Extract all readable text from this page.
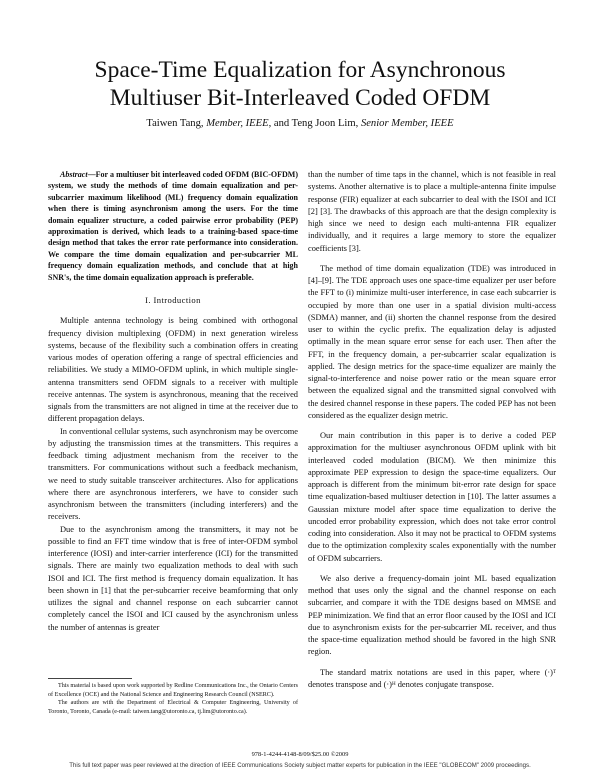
Space-Time Equalization for Asynchronous
Multiuser Bit-Interleaved Coded OFDM
Taiwen Tang, Member, IEEE, and Teng Joon Lim, Senior Member, IEEE

Abstract—For a multiuser bit interleaved coded OFDM (BIC-OFDM) system, we study the methods of time domain equalization and per-subcarrier maximum likelihood (ML) frequency domain equalization when there is timing asynchronism among the users. For the time domain equalizer structure, a coded pairwise error probability (PEP) approximation is derived, which leads to a training-based space-time design method that takes the error rate performance into consideration. We compare the time domain equalization and per-subcarrier ML frequency domain equalization methods, and conclude that at high SNR's, the time domain equalization approach is preferable.

I. Introduction

Multiple antenna technology is being combined with orthogonal frequency division multiplexing (OFDM) in next generation wireless systems, because of the flexibility such a combination offers in creating various modes of operation offering a range of spectral efficiencies and reliabilities. We study a MIMO-OFDM uplink, in which multiple single-antenna transmitters send OFDM signals to a receiver with multiple receive antennas. The system is asynchronous, meaning that the received signals from the transmitters are not aligned in time at the receiver due to different propagation delays.

In conventional cellular systems, such asynchronism may be overcome by adjusting the transmission times at the transmitters. This requires a feedback timing adjustment mechanism from the receiver to the transmitters. For communications without such a feedback mechanism, we need to study suitable transceiver architectures. Also for applications where there are asynchronous interferers, we have to consider such asynchronism between the transmitters (including interferers) and the receivers.

Due to the asynchronism among the transmitters, it may not be possible to find an FFT time window that is free of inter-OFDM symbol interference (IOSI) and inter-carrier interference (ICI) for the transmitted signals. There are mainly two equalization methods to deal with such ISOI and ICI. The first method is frequency domain equalization. It has been shown in [1] that the per-subcarrier receive beamforming that only utilizes the signal and channel response on each subcarrier cannot completely cancel the ISOI and ICI caused by the asynchronism unless the number of antennas is greater

This material is based upon work supported by Redline Communications Inc., the Ontario Centers of Excellence (OCE) and the National Science and Engineering Research Council (NSERC).

The authors are with the Department of Electrical & Computer Engineering, University of Toronto, Toronto, Canada (e-mail: taiwen.tang@utoronto.ca, tj.lim@utoronto.ca).

than the number of time taps in the channel, which is not feasible in real systems. Another alternative is to place a multiple-antenna finite impulse response (FIR) equalizer at each subcarrier to deal with the ISOI and ICI [2] [3]. The drawbacks of this approach are that the design complexity is high since we need to design each multi-antenna FIR equalizer individually, and it requires a large memory to store the equalizer coefficients [3].

The method of time domain equalization (TDE) was introduced in [4]–[9]. The TDE approach uses one space-time equalizer per user before the FFT to (i) minimize multi-user interference, in case each subcarrier is occupied by more than one user in a spatial division multi-access (SDMA) manner, and (ii) shorten the channel response from the desired user to within the cyclic prefix. The equalization delay is adjusted optimally in the mean square error sense for each user. Then after the FFT, in the frequency domain, a per-subcarrier scalar equalization is applied. The design metrics for the space-time equalizer are mainly the signal-to-interference and noise power ratio or the mean square error between the equalized signal and the transmitted signal convolved with the desired channel response in these papers. The coded PEP has not been considered as the equalizer design metric.

Our main contribution in this paper is to derive a coded PEP approximation for the multiuser asynchronous OFDM uplink with bit interleaved coded modulation (BICM). We then minimize this approximate PEP expression to design the space-time equalizers. Our approach is different from the minimum bit-error rate design for space time equalization-based multiuser detection in [10]. The latter assumes a Gaussian mixture model after space time equalization to derive the uncoded error probability expression, which does not take error control coding into consideration. Also it may not be practical to OFDM systems due to the optimization complexity scales exponentially with the number of OFDM subcarriers.

We also derive a frequency-domain joint ML based equalization method that uses only the signal and the channel response on each subcarrier, and compare it with the TDE designs based on MMSE and PEP minimization. We find that an error floor caused by the IOSI and ICI due to asynchronism exists for the per-subcarrier ML receiver, and thus the space-time equalization method should be favored in the high SNR region.

The standard matrix notations are used in this paper, where (·)ᵀ denotes transpose and (·)ᴴ denotes conjugate transpose.

978-1-4244-4148-8/09/$25.00 ©2009
This full text paper was peer reviewed at the direction of IEEE Communications Society subject matter experts for publication in the IEEE "GLOBECOM" 2009 proceedings.
